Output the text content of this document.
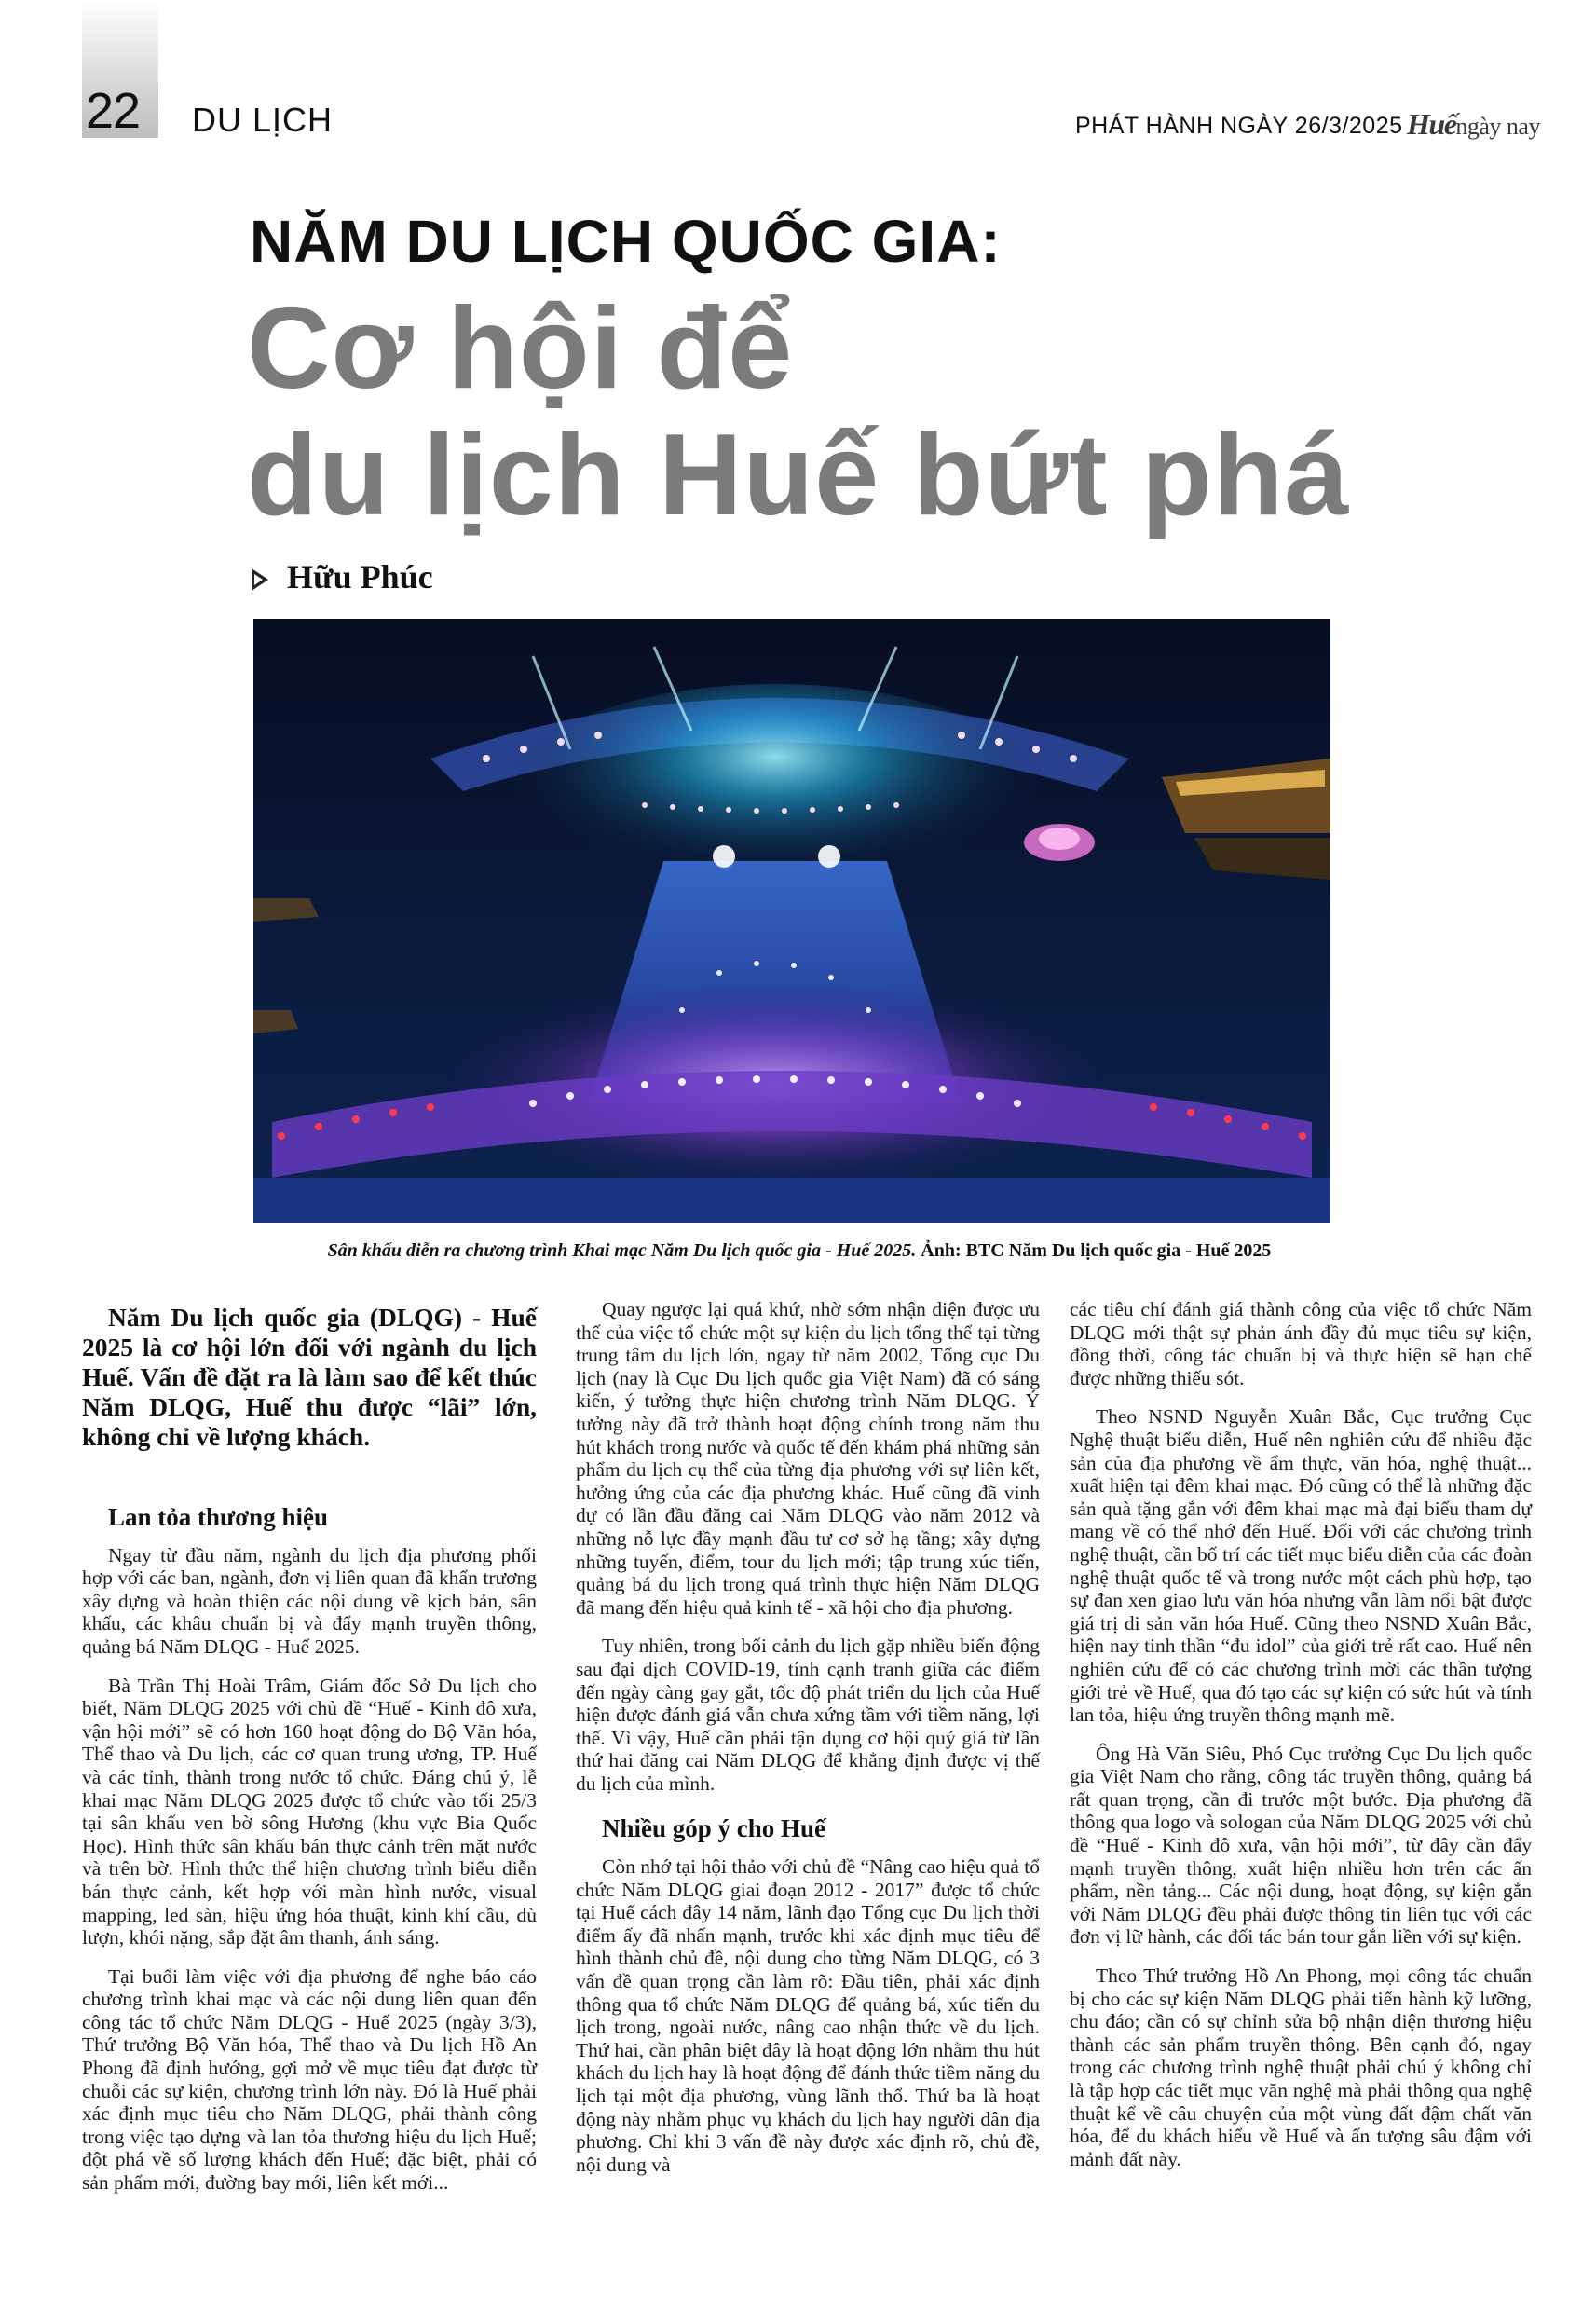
22 DU LỊCH	PHÁT HÀNH NGÀY 26/3/2025 Huếngày nay
NĂM DU LỊCH QUỐC GIA:
Cơ hội để
du lịch Huế bứt phá
Hữu Phúc
Sân khấu diễn ra chương trình Khai mạc Năm Du lịch quốc gia - Huế 2025. Ảnh: BTC Năm Du lịch quốc gia - Huế 2025

Năm Du lịch quốc gia (DLQG) - Huế 2025 là cơ hội lớn đối với ngành du lịch Huế. Vấn đề đặt ra là làm sao để kết thúc Năm DLQG, Huế thu được “lãi” lớn, không chỉ về lượng khách.

Lan tỏa thương hiệu

Ngay từ đầu năm, ngành du lịch địa phương phối hợp với các ban, ngành, đơn vị liên quan đã khẩn trương xây dựng và hoàn thiện các nội dung về kịch bản, sân khấu, các khâu chuẩn bị và đẩy mạnh truyền thông, quảng bá Năm DLQG - Huế 2025.

Bà Trần Thị Hoài Trâm, Giám đốc Sở Du lịch cho biết, Năm DLQG 2025 với chủ đề “Huế - Kinh đô xưa, vận hội mới” sẽ có hơn 160 hoạt động do Bộ Văn hóa, Thể thao và Du lịch, các cơ quan trung ương, TP. Huế và các tỉnh, thành trong nước tổ chức. Đáng chú ý, lễ khai mạc Năm DLQG 2025 được tổ chức vào tối 25/3 tại sân khấu ven bờ sông Hương (khu vực Bia Quốc Học). Hình thức sân khấu bán thực cảnh trên mặt nước và trên bờ. Hình thức thể hiện chương trình biểu diễn bán thực cảnh, kết hợp với màn hình nước, visual mapping, led sàn, hiệu ứng hỏa thuật, kinh khí cầu, dù lượn, khói nặng, sắp đặt âm thanh, ánh sáng.

Tại buổi làm việc với địa phương để nghe báo cáo chương trình khai mạc và các nội dung liên quan đến công tác tổ chức Năm DLQG - Huế 2025 (ngày 3/3), Thứ trưởng Bộ Văn hóa, Thể thao và Du lịch Hồ An Phong đã định hướng, gợi mở về mục tiêu đạt được từ chuỗi các sự kiện, chương trình lớn này. Đó là Huế phải xác định mục tiêu cho Năm DLQG, phải thành công trong việc tạo dựng và lan tỏa thương hiệu du lịch Huế; đột phá về số lượng khách đến Huế; đặc biệt, phải có sản phẩm mới, đường bay mới, liên kết mới...

Quay ngược lại quá khứ, nhờ sớm nhận diện được ưu thế của việc tổ chức một sự kiện du lịch tổng thể tại từng trung tâm du lịch lớn, ngay từ năm 2002, Tổng cục Du lịch (nay là Cục Du lịch quốc gia Việt Nam) đã có sáng kiến, ý tưởng thực hiện chương trình Năm DLQG. Ý tưởng này đã trở thành hoạt động chính trong năm thu hút khách trong nước và quốc tế đến khám phá những sản phẩm du lịch cụ thể của từng địa phương với sự liên kết, hưởng ứng của các địa phương khác. Huế cũng đã vinh dự có lần đầu đăng cai Năm DLQG vào năm 2012 và những nỗ lực đầy mạnh đầu tư cơ sở hạ tầng; xây dựng những tuyến, điểm, tour du lịch mới; tập trung xúc tiến, quảng bá du lịch trong quá trình thực hiện Năm DLQG đã mang đến hiệu quả kinh tế - xã hội cho địa phương.

Tuy nhiên, trong bối cảnh du lịch gặp nhiều biến động sau đại dịch COVID-19, tính cạnh tranh giữa các điểm đến ngày càng gay gắt, tốc độ phát triển du lịch của Huế hiện được đánh giá vẫn chưa xứng tầm với tiềm năng, lợi thế. Vì vậy, Huế cần phải tận dụng cơ hội quý giá từ lần thứ hai đăng cai Năm DLQG để khẳng định được vị thế du lịch của mình.

Nhiều góp ý cho Huế

Còn nhớ tại hội thảo với chủ đề “Nâng cao hiệu quả tổ chức Năm DLQG giai đoạn 2012 - 2017” được tổ chức tại Huế cách đây 14 năm, lãnh đạo Tổng cục Du lịch thời điểm ấy đã nhấn mạnh, trước khi xác định mục tiêu để hình thành chủ đề, nội dung cho từng Năm DLQG, có 3 vấn đề quan trọng cần làm rõ: Đầu tiên, phải xác định thông qua tổ chức Năm DLQG để quảng bá, xúc tiến du lịch trong, ngoài nước, nâng cao nhận thức về du lịch. Thứ hai, cần phân biệt đây là hoạt động lớn nhằm thu hút khách du lịch hay là hoạt động để đánh thức tiềm năng du lịch tại một địa phương, vùng lãnh thổ. Thứ ba là hoạt động này nhằm phục vụ khách du lịch hay người dân địa phương. Chỉ khi 3 vấn đề này được xác định rõ, chủ đề, nội dung và

các tiêu chí đánh giá thành công của việc tổ chức Năm DLQG mới thật sự phản ánh đầy đủ mục tiêu sự kiện, đồng thời, công tác chuẩn bị và thực hiện sẽ hạn chế được những thiếu sót.

Theo NSND Nguyễn Xuân Bắc, Cục trưởng Cục Nghệ thuật biểu diễn, Huế nên nghiên cứu để nhiều đặc sản của địa phương về ẩm thực, văn hóa, nghệ thuật... xuất hiện tại đêm khai mạc. Đó cũng có thể là những đặc sản quà tặng gắn với đêm khai mạc mà đại biểu tham dự mang về có thể nhớ đến Huế. Đối với các chương trình nghệ thuật, cần bố trí các tiết mục biểu diễn của các đoàn nghệ thuật quốc tế và trong nước một cách phù hợp, tạo sự đan xen giao lưu văn hóa nhưng vẫn làm nổi bật được giá trị di sản văn hóa Huế. Cũng theo NSND Xuân Bắc, hiện nay tinh thần “đu idol” của giới trẻ rất cao. Huế nên nghiên cứu để có các chương trình mời các thần tượng giới trẻ về Huế, qua đó tạo các sự kiện có sức hút và tính lan tỏa, hiệu ứng truyền thông mạnh mẽ.

Ông Hà Văn Siêu, Phó Cục trưởng Cục Du lịch quốc gia Việt Nam cho rằng, công tác truyền thông, quảng bá rất quan trọng, cần đi trước một bước. Địa phương đã thông qua logo và sologan của Năm DLQG 2025 với chủ đề “Huế - Kinh đô xưa, vận hội mới”, từ đây cần đẩy mạnh truyền thông, xuất hiện nhiều hơn trên các ấn phẩm, nền tảng... Các nội dung, hoạt động, sự kiện gắn với Năm DLQG đều phải được thông tin liên tục với các đơn vị lữ hành, các đối tác bán tour gắn liền với sự kiện.

Theo Thứ trưởng Hồ An Phong, mọi công tác chuẩn bị cho các sự kiện Năm DLQG phải tiến hành kỹ lưỡng, chu đáo; cần có sự chỉnh sửa bộ nhận diện thương hiệu thành các sản phẩm truyền thông. Bên cạnh đó, ngay trong các chương trình nghệ thuật phải chú ý không chỉ là tập hợp các tiết mục văn nghệ mà phải thông qua nghệ thuật kể về câu chuyện của một vùng đất đậm chất văn hóa, để du khách hiểu về Huế và ấn tượng sâu đậm với mảnh đất này.
